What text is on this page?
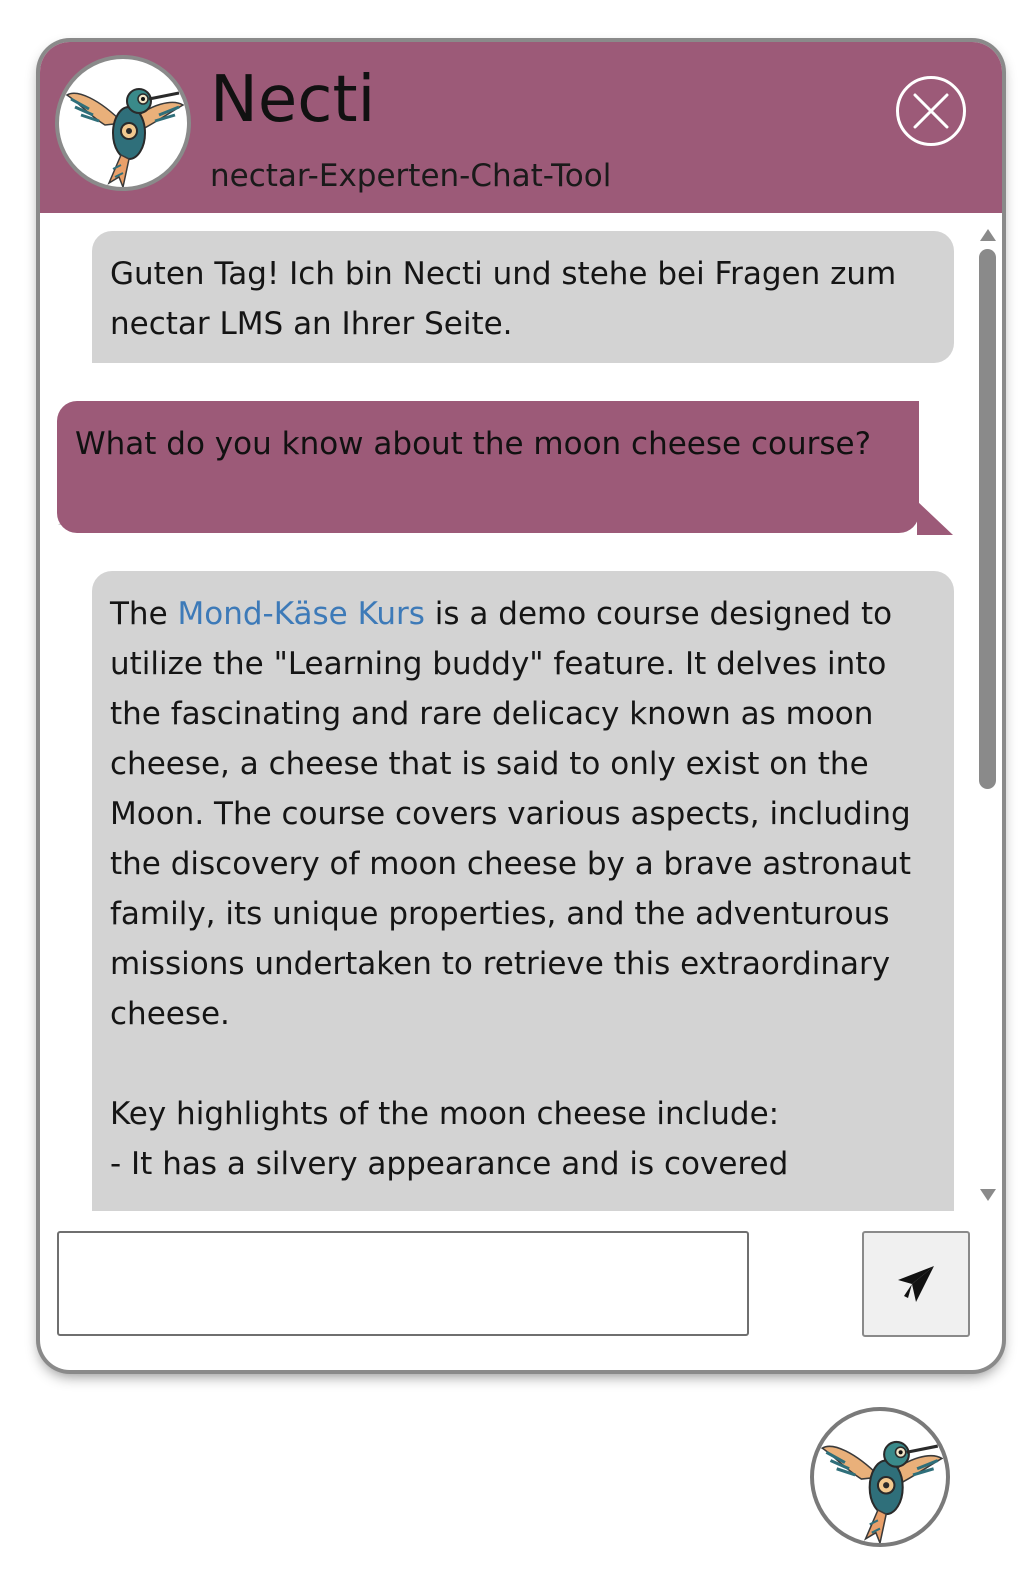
Necti
nectar-Experten-Chat-Tool

Guten Tag! Ich bin Necti und stehe bei Fragen zum nectar LMS an Ihrer Seite.

What do you know about the moon cheese course?

The Mond-Käse Kurs is a demo course designed to utilize the "Learning buddy" feature. It delves into the fascinating and rare delicacy known as moon cheese, a cheese that is said to only exist on the Moon. The course covers various aspects, including the discovery of moon cheese by a brave astronaut family, its unique properties, and the adventurous missions undertaken to retrieve this extraordinary cheese.

Key highlights of the moon cheese include:

- It has a silvery appearance and is covered
